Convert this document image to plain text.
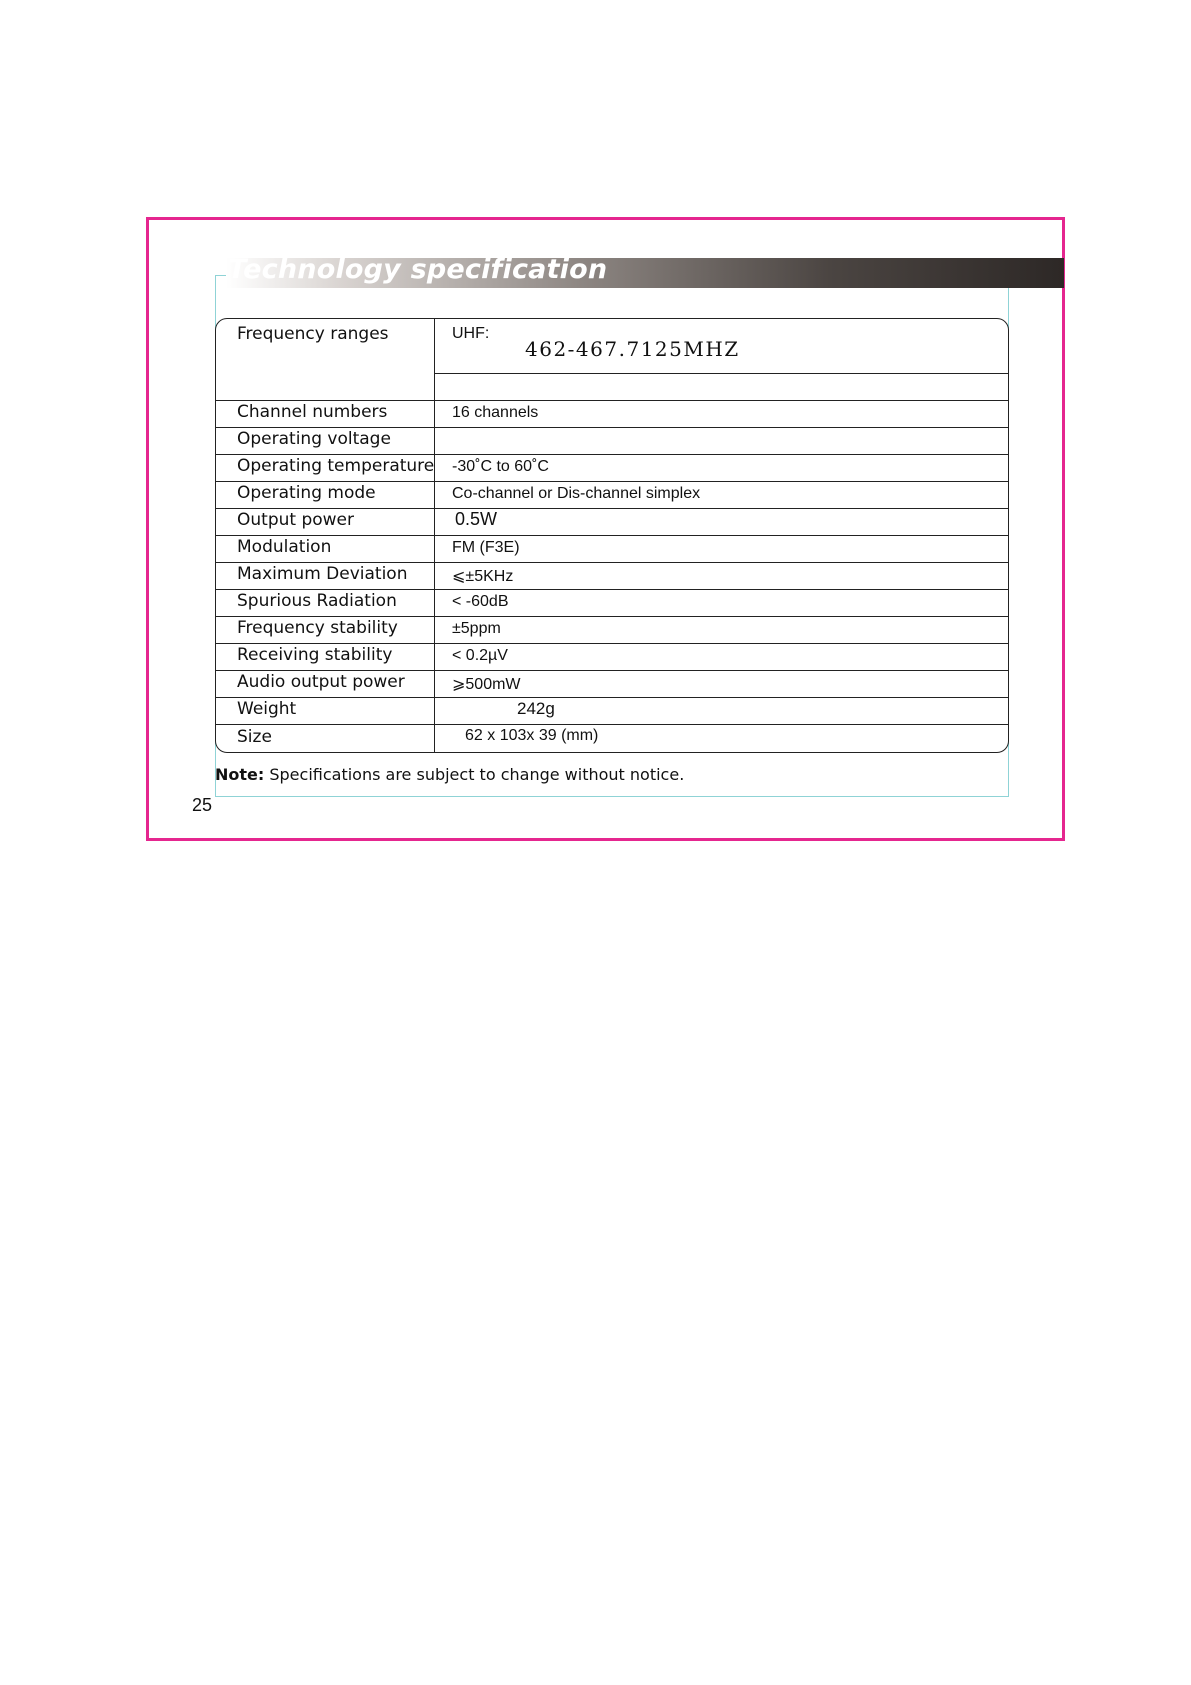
Technology specification
Frequency ranges	UHF:
462-467.7125MHZ
Channel numbers	16 channels
Operating voltage
Operating temperature -30˚C to 60˚C
Operating mode	Co-channel or Dis-channel simplex
Output power	0.5W
Modulation	FM (F3E)
Maximum Deviation	⩽±5KHz
Spurious Radiation	< -60dB
Frequency stability	±5ppm
Receiving stability	< 0.2µV
Audio output power	⩾500mW
Weight	242g
Size	62 x 103x 39 (mm)
Note: Specifications are subject to change without notice.
25
